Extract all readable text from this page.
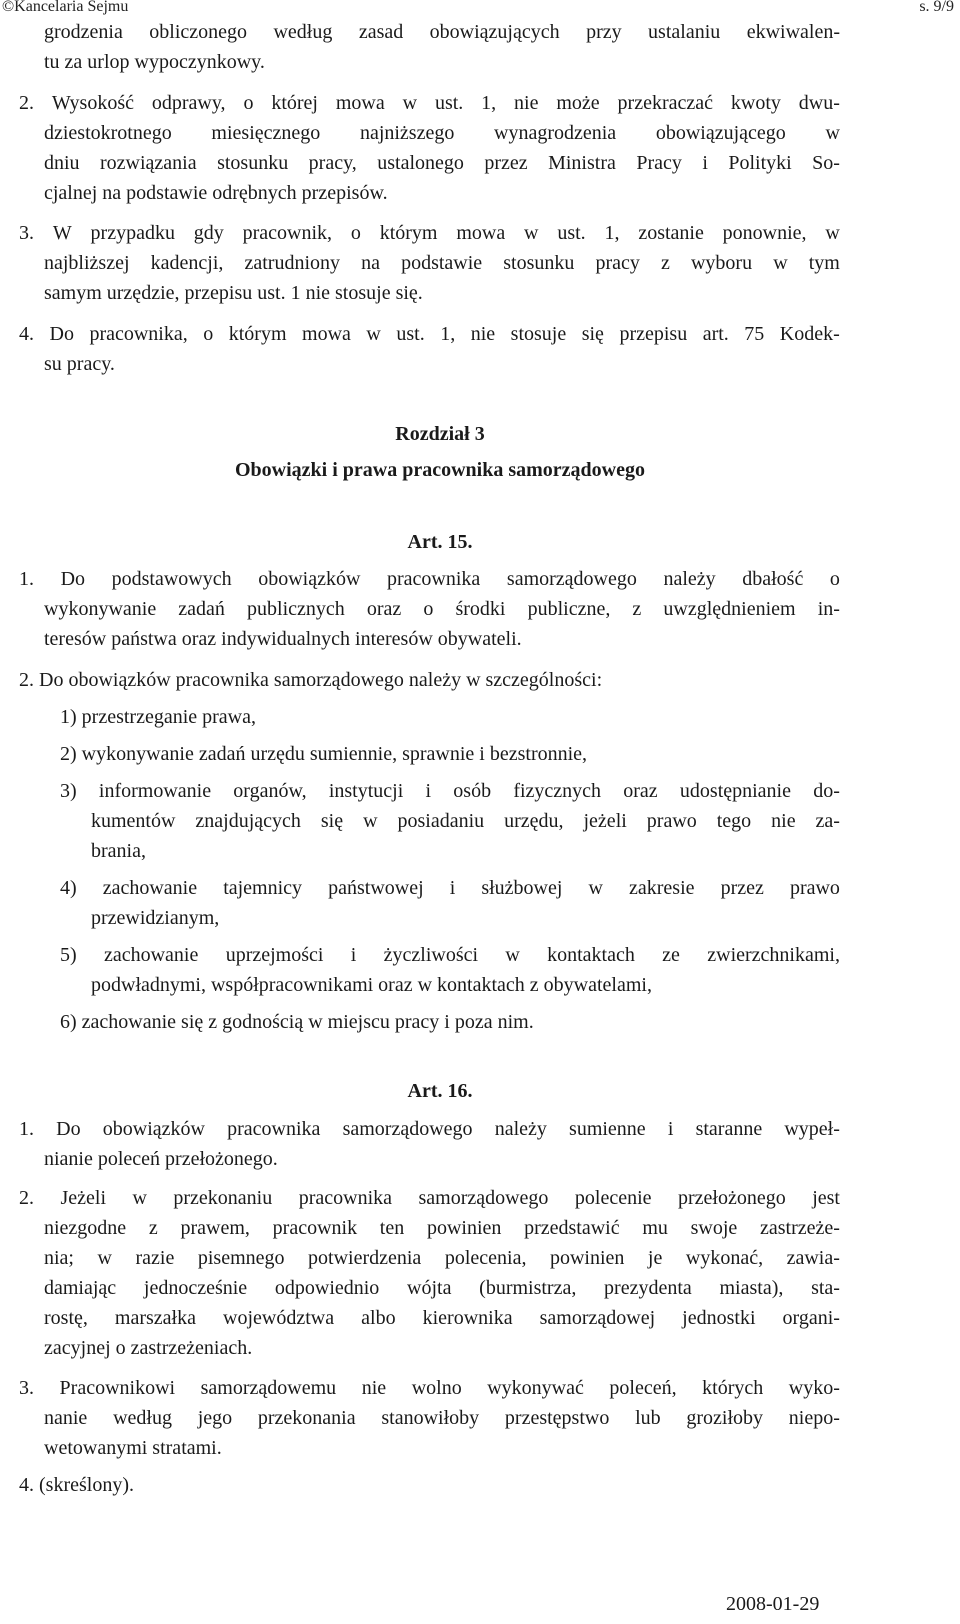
©Kancelaria Sejmu	s. 9/9
grodzenia obliczonego według zasad obowiązujących przy ustalaniu ekwiwalen-
tu za urlop wypoczynkowy.
2. Wysokość odprawy, o której mowa w ust. 1, nie może przekraczać kwoty dwu-
dziestokrotnego miesięcznego najniższego wynagrodzenia obowiązującego w
dniu rozwiązania stosunku pracy, ustalonego przez Ministra Pracy i Polityki So-
cjalnej na podstawie odrębnych przepisów.
3. W przypadku gdy pracownik, o którym mowa w ust. 1, zostanie ponownie, w
najbliższej kadencji, zatrudniony na podstawie stosunku pracy z wyboru w tym
samym urzędzie, przepisu ust. 1 nie stosuje się.
4. Do pracownika, o którym mowa w ust. 1, nie stosuje się przepisu art. 75 Kodek-
su pracy.
Rozdział 3
Obowiązki i prawa pracownika samorządowego
Art. 15.
1. Do podstawowych obowiązków pracownika samorządowego należy dbałość o
wykonywanie zadań publicznych oraz o środki publiczne, z uwzględnieniem in-
teresów państwa oraz indywidualnych interesów obywateli.
2. Do obowiązków pracownika samorządowego należy w szczególności:
1) przestrzeganie prawa,
2) wykonywanie zadań urzędu sumiennie, sprawnie i bezstronnie,
3) informowanie organów, instytucji i osób fizycznych oraz udostępnianie do-
kumentów znajdujących się w posiadaniu urzędu, jeżeli prawo tego nie za-
brania,
4) zachowanie tajemnicy państwowej i służbowej w zakresie przez prawo
przewidzianym,
5) zachowanie uprzejmości i życzliwości w kontaktach ze zwierzchnikami,
podwładnymi, współpracownikami oraz w kontaktach z obywatelami,
6) zachowanie się z godnością w miejscu pracy i poza nim.
Art. 16.
1. Do obowiązków pracownika samorządowego należy sumienne i staranne wypeł-
nianie poleceń przełożonego.
2. Jeżeli w przekonaniu pracownika samorządowego polecenie przełożonego jest
niezgodne z prawem, pracownik ten powinien przedstawić mu swoje zastrzeże-
nia; w razie pisemnego potwierdzenia polecenia, powinien je wykonać, zawia-
damiając jednocześnie odpowiednio wójta (burmistrza, prezydenta miasta), sta-
rostę, marszałka województwa albo kierownika samorządowej jednostki organi-
zacyjnej o zastrzeżeniach.
3. Pracownikowi samorządowemu nie wolno wykonywać poleceń, których wyko-
nanie według jego przekonania stanowiłoby przestępstwo lub groziłoby niepo-
wetowanymi stratami.
4. (skreślony).
2008-01-29
